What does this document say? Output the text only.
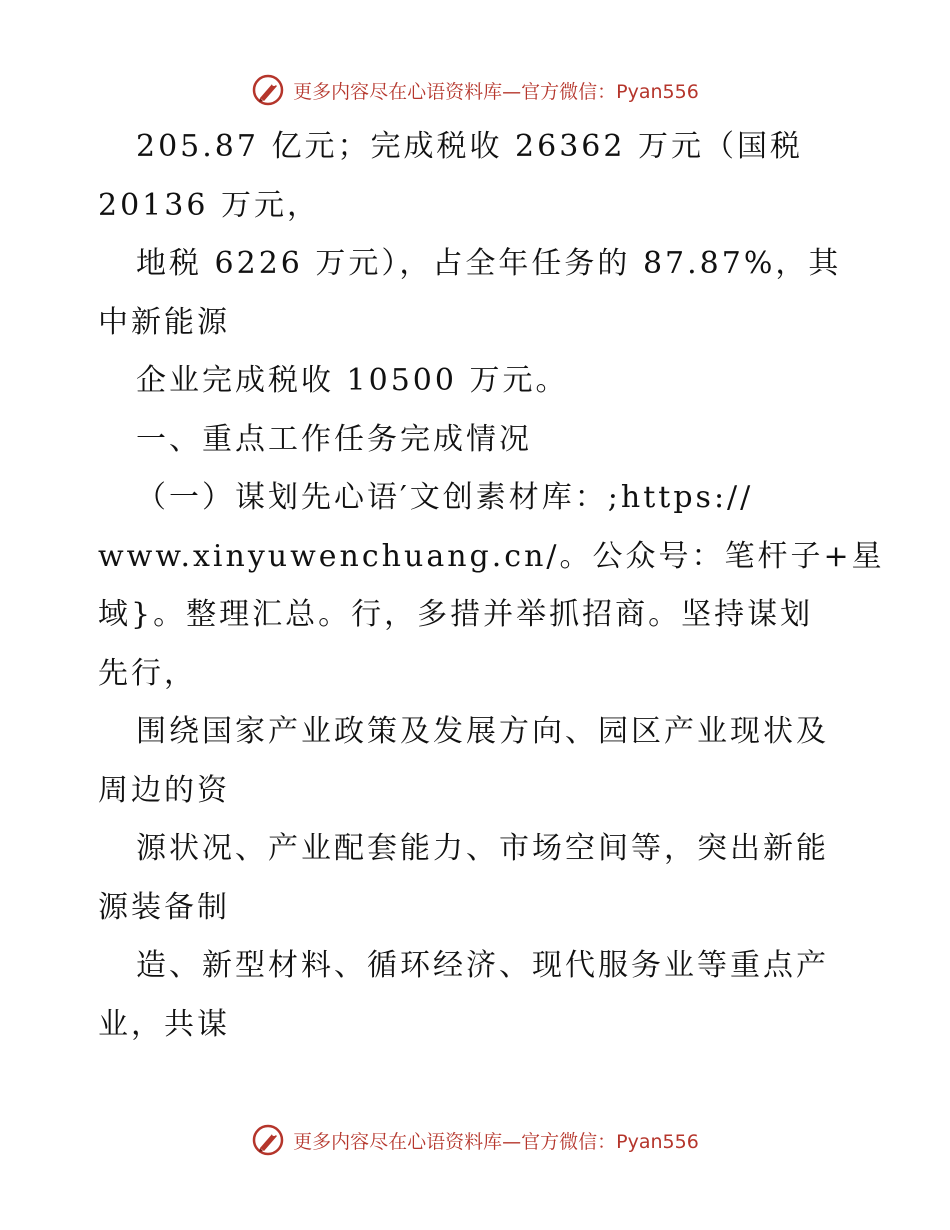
更多内容尽在心语资料库—官方微信：Pyan556
205.87 亿元；完成税收 26362 万元（国税
20136 万元，
地税 6226 万元），占全年任务的 87.87%，其
中新能源
企业完成税收 10500 万元。
一、重点工作任务完成情况
（一）谋划先心语′文创素材库：;https://
www.xinyuwenchuang.cn/。公众号：笔杆子+星
域}。整理汇总。行，多措并举抓招商。坚持谋划
先行，
围绕国家产业政策及发展方向、园区产业现状及
周边的资
源状况、产业配套能力、市场空间等，突出新能
源装备制
造、新型材料、循环经济、现代服务业等重点产
业，共谋
更多内容尽在心语资料库—官方微信：Pyan556
